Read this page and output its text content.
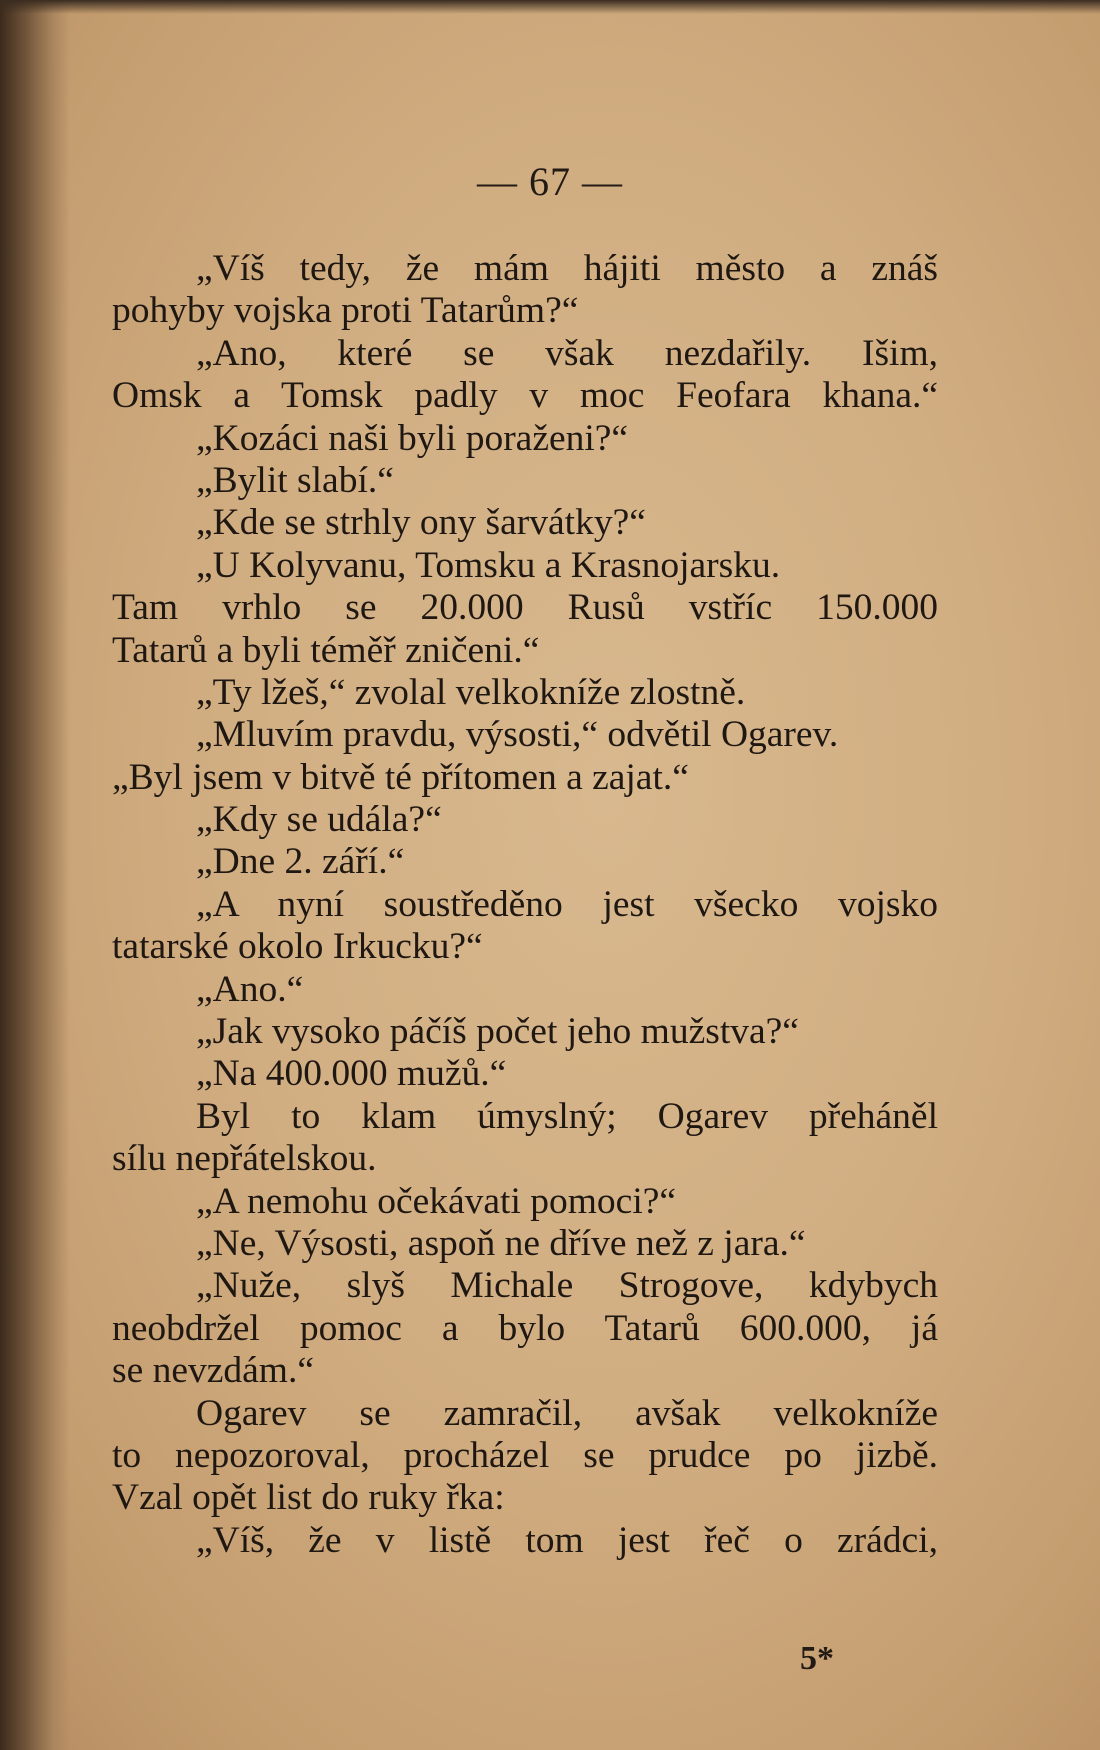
— 67 —
„Víš tedy, že mám hájiti město a znáš
pohyby vojska proti Tatarům?“
„Ano, které se však nezdařily. Išim,
Omsk a Tomsk padly v moc Feofara khana.“
„Kozáci naši byli poraženi?“
„Bylit slabí.“
„Kde se strhly ony šarvátky?“
„U Kolyvanu, Tomsku a Krasnojarsku.
Tam vrhlo se 20.000 Rusů vstříc 150.000
Tatarů a byli téměř zničeni.“
„Ty lžeš,“ zvolal velkokníže zlostně.
„Mluvím pravdu, výsosti,“ odvětil Ogarev.
„Byl jsem v bitvě té přítomen a zajat.“
„Kdy se udála?“
„Dne 2. září.“
„A nyní soustředěno jest všecko vojsko
tatarské okolo Irkucku?“
„Ano.“
„Jak vysoko páčíš počet jeho mužstva?“
„Na 400.000 mužů.“
Byl to klam úmyslný; Ogarev přeháněl
sílu nepřátelskou.
„A nemohu očekávati pomoci?“
„Ne, Výsosti, aspoň ne dříve než z jara.“
„Nuže, slyš Michale Strogove, kdybych
neobdržel pomoc a bylo Tatarů 600.000, já
se nevzdám.“
Ogarev se zamračil, avšak velkokníže
to nepozoroval, procházel se prudce po jizbě.
Vzal opět list do ruky řka:
„Víš, že v listě tom jest řeč o zrádci,
5*
